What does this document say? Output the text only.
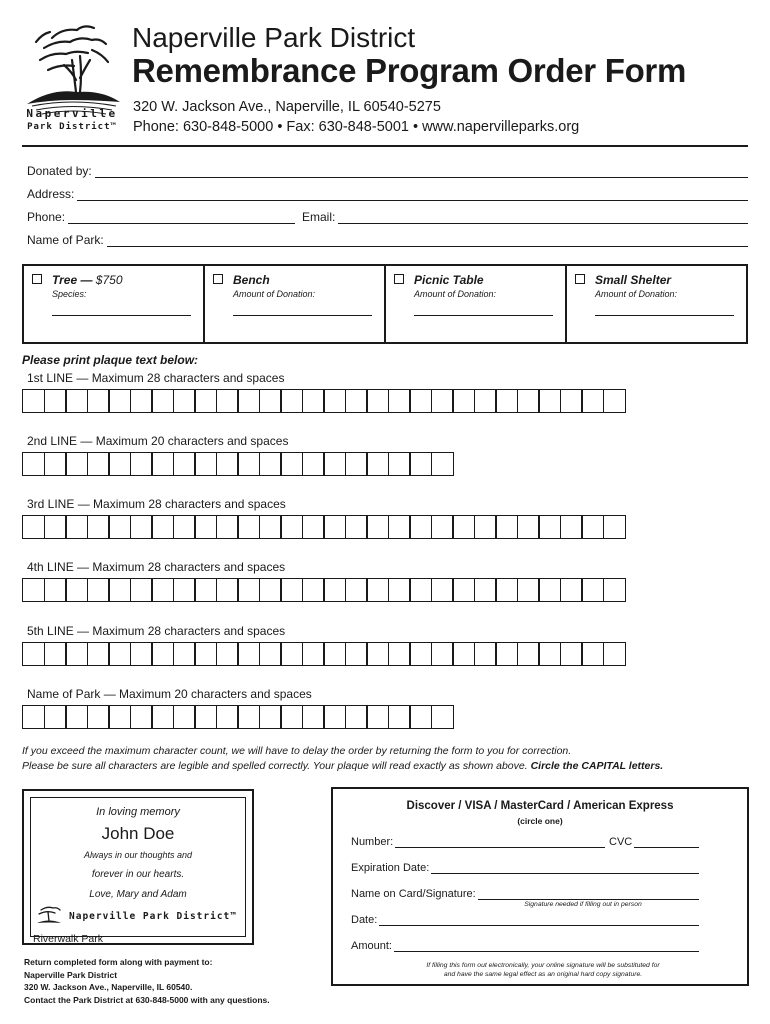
Naperville
Park District™
Naperville Park District
Remembrance Program Order Form
320 W. Jackson Ave., Naperville, IL 60540-5275
Phone: 630-848-5000 • Fax: 630-848-5001 • www.napervilleparks.org
Donated by:
Address:
Phone:	Email:
Name of Park:
Tree — $750
Species:
Bench
Amount of Donation:
Picnic Table
Amount of Donation:
Small Shelter
Amount of Donation:
Please print plaque text below:
1st LINE — Maximum 28 characters and spaces
2nd LINE — Maximum 20 characters and spaces
3rd LINE — Maximum 28 characters and spaces
4th LINE — Maximum 28 characters and spaces
5th LINE — Maximum 28 characters and spaces
Name of Park — Maximum 20 characters and spaces
If you exceed the maximum character count, we will have to delay the order by returning the form to you for correction.
Please be sure all characters are legible and spelled correctly. Your plaque will read exactly as shown above. Circle the CAPITAL letters.
In loving memory
John Doe
Always in our thoughts and
forever in our hearts.
Love, Mary and Adam
Naperville Park District™
Riverwalk Park
Return completed form along with payment to:
Naperville Park District
320 W. Jackson Ave., Naperville, IL 60540.
Contact the Park District at 630-848-5000 with any questions.
Discover / VISA / MasterCard / American Express
(circle one)
Number:	CVC
Expiration Date:
Name on Card/Signature:
Signature needed if filling out in person
Date:
Amount:
If filling this form out electronically, your online signature will be substituted for
and have the same legal effect as an original hard copy signature.
